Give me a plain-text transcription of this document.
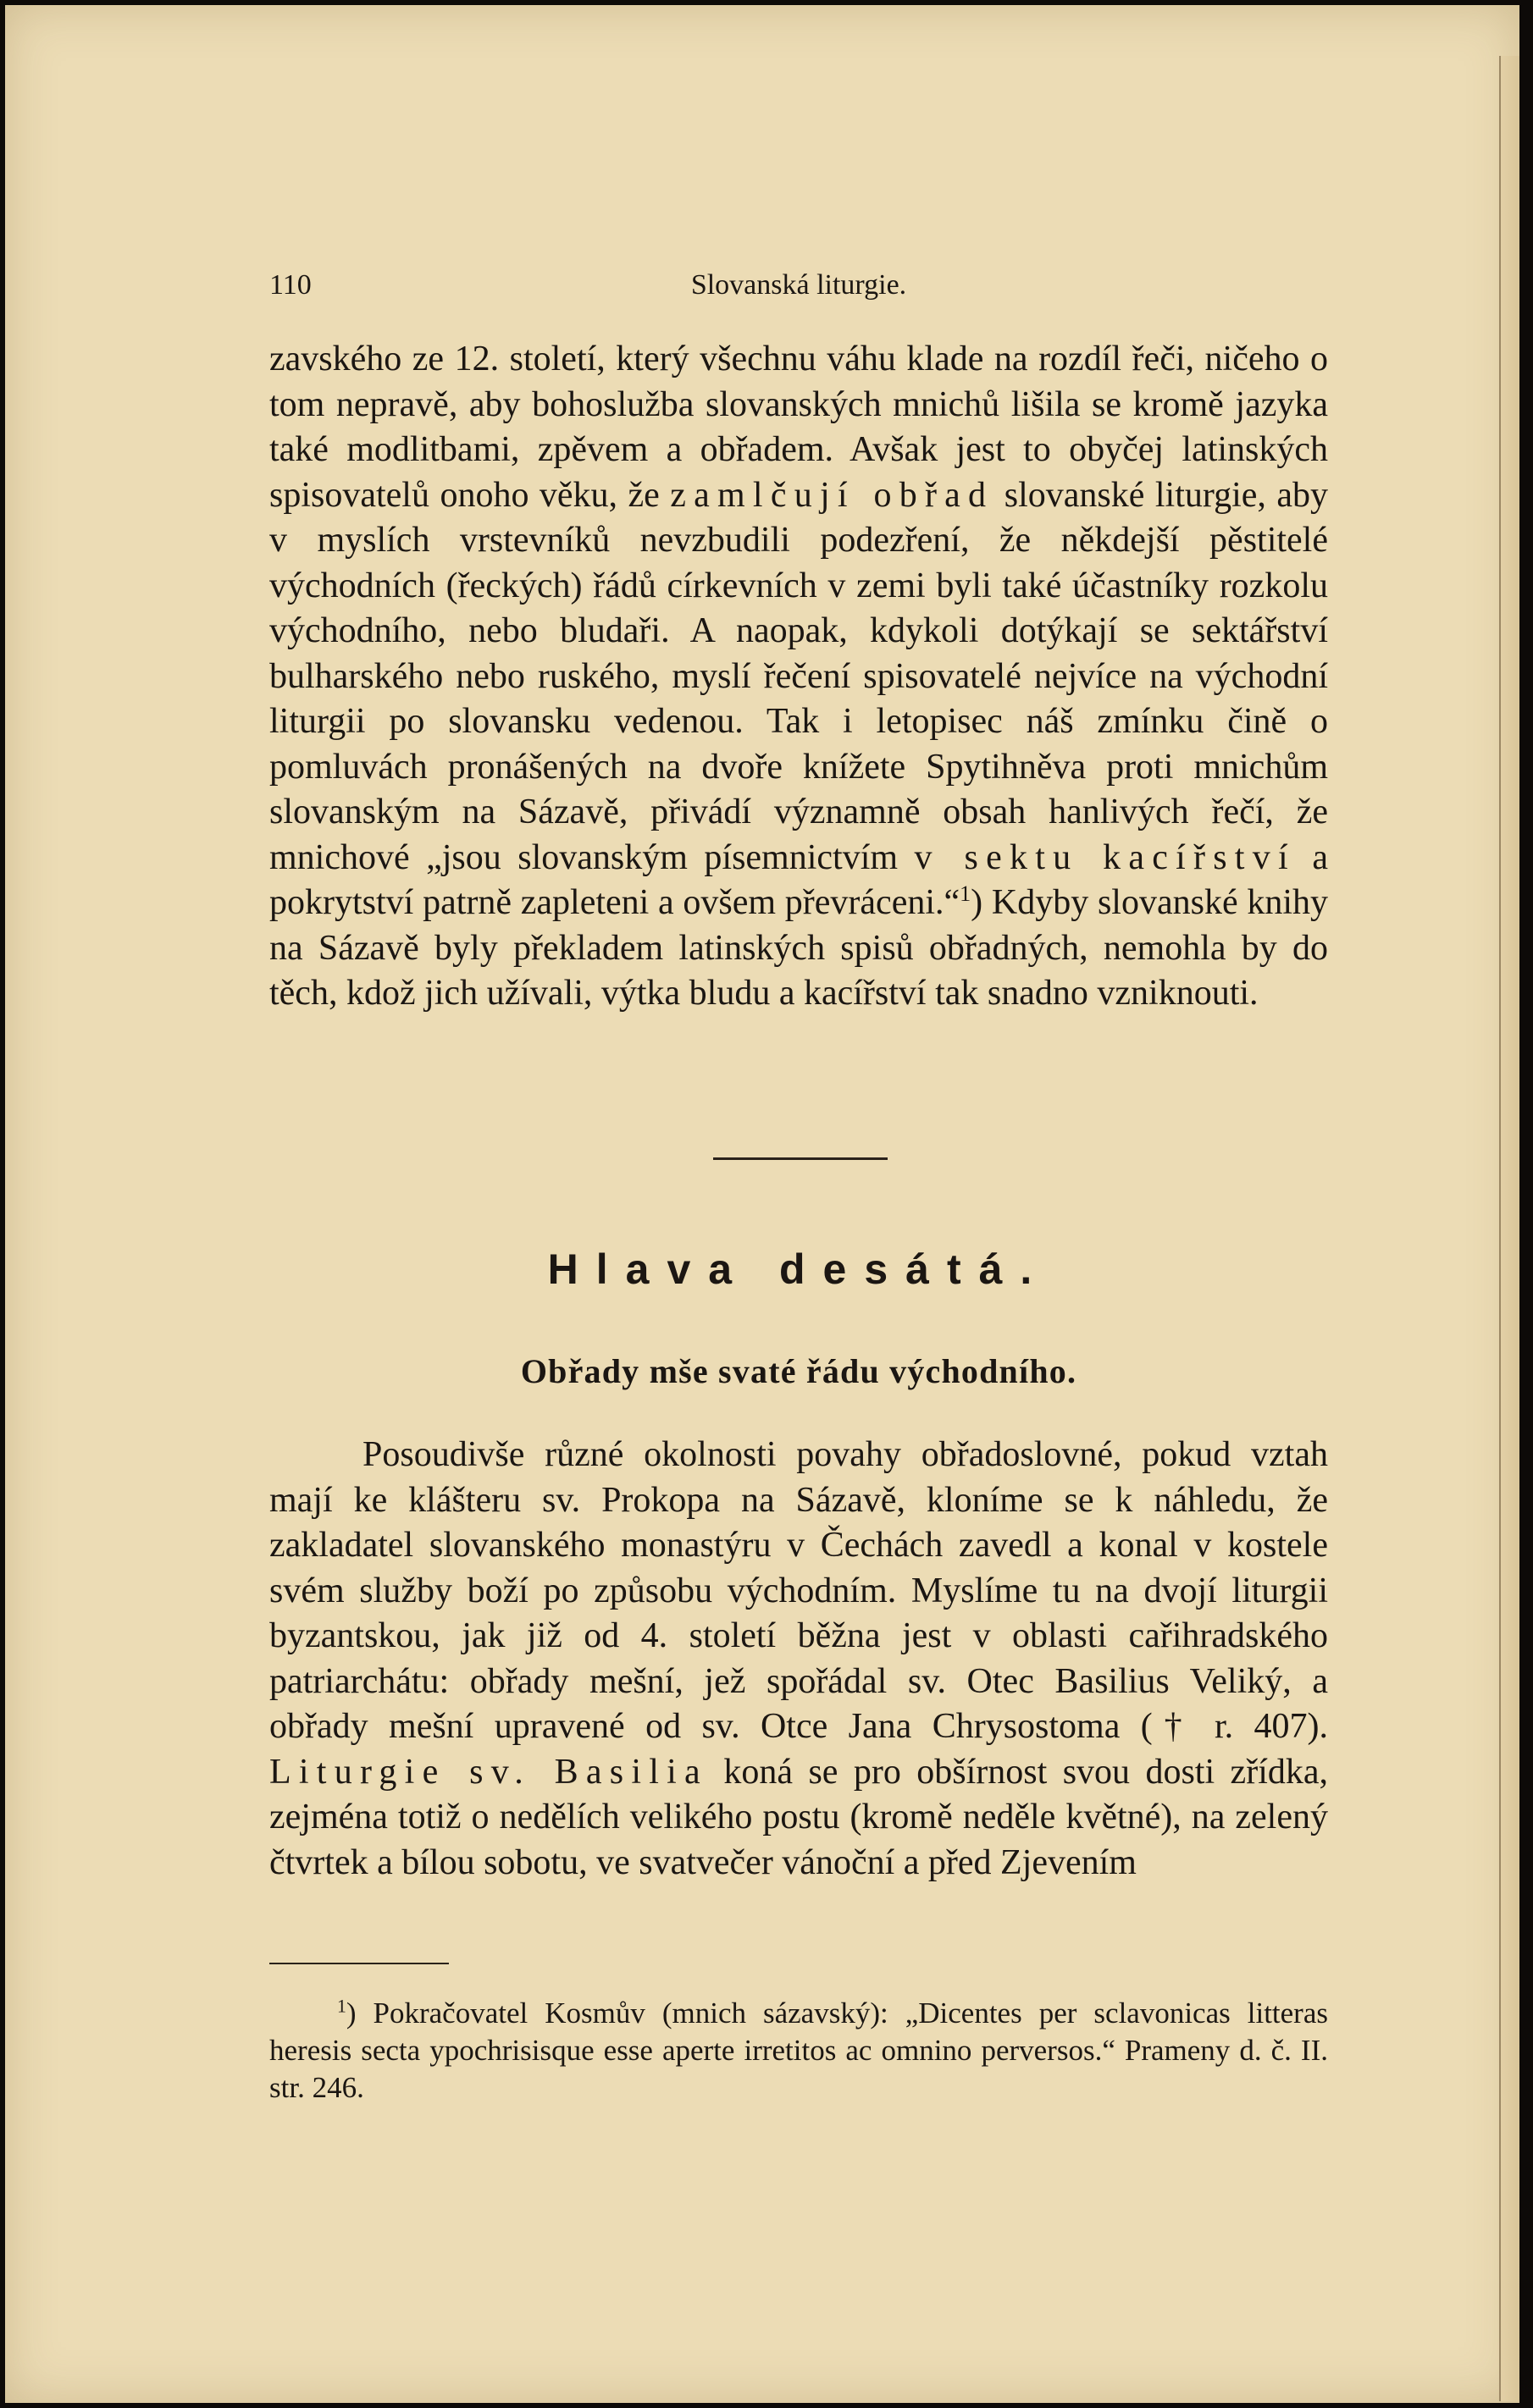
110	Slovanská liturgie.

zavského ze 12. století, který všechnu váhu klade na rozdíl řeči, ničeho o tom nepravě, aby bohoslužba slovanských mnichů lišila se kromě jazyka také modlitbami, zpěvem a obřadem. Avšak jest to obyčej latinských spisovatelů onoho věku, že zamlčují obřad slovanské liturgie, aby v myslích vrstevníků nevzbudili podezření, že někdejší pěstitelé východních (řeckých) řádů církevních v zemi byli také účastníky rozkolu východního, nebo bludaři. A naopak, kdykoli dotýkají se sektářství bulharského nebo ruského, myslí řečení spisovatelé nejvíce na východní liturgii po slovansku vedenou. Tak i letopisec náš zmínku čině o pomluvách pronášených na dvoře knížete Spytihněva proti mnichům slovanským na Sázavě, přivádí významně obsah hanlivých řečí, že mnichové „jsou slovanským písemnictvím v sektu kacířství a pokrytství patrně zapleteni a ovšem převráceni.“$^1$) Kdyby slovanské knihy na Sázavě byly překladem latinských spisů obřadných, nemohla by do těch, kdož jich užívali, výtka bludu a kacířství tak snadno vzniknouti.

Hlava desátá.
Obřady mše svaté řádu východního.

Posoudivše různé okolnosti povahy obřadoslovné, pokud vztah mají ke klášteru sv. Prokopa na Sázavě, kloníme se k náhledu, že zakladatel slovanského monastýru v Čechách zavedl a konal v kostele svém služby boží po způsobu východním. Myslíme tu na dvojí liturgii byzantskou, jak již od 4. století běžna jest v oblasti cařihradského patriarchátu: obřady mešní, jež spořádal sv. Otec Basilius Veliký, a obřady mešní upravené od sv. Otce Jana Chrysostoma († r. 407). Liturgie sv. Basilia koná se pro obšírnost svou dosti zřídka, zejména totiž o nedělích velikého postu (kromě neděle květné), na zelený čtvrtek a bílou sobotu, ve svatvečer vánoční a před Zjevením

$^1$) Pokračovatel Kosmův (mnich sázavský): „Dicentes per sclavonicas litteras heresis secta ypochrisisque esse aperte irretitos ac omnino perversos.“ Prameny d. č. II. str. 246.
